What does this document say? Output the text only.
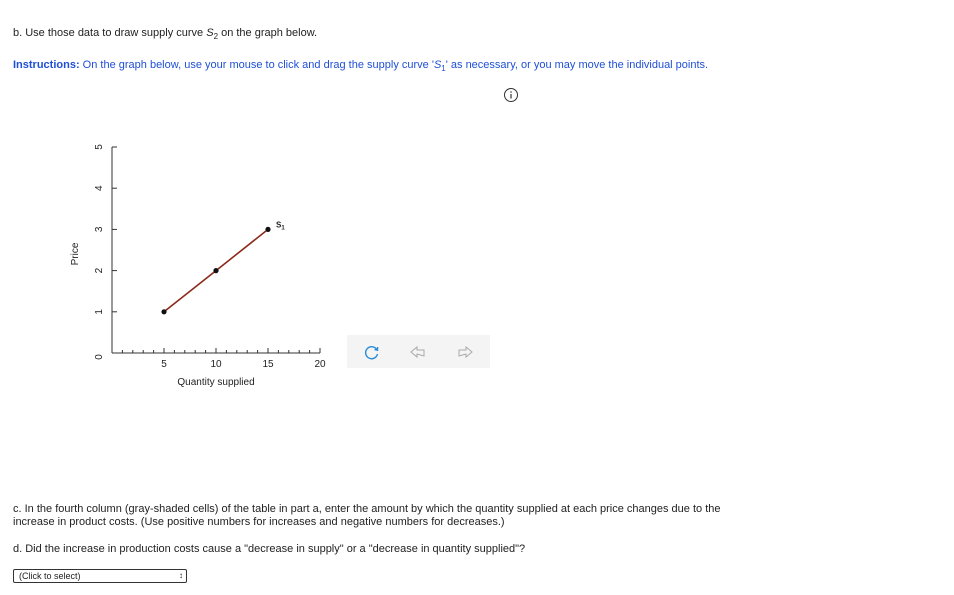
b. Use those data to draw supply curve $S_2$ on the graph below.
Instructions: On the graph below, use your mouse to click and drag the supply curve '$S_1$' as necessary, or you may move the individual points.
5	10	15	20
0
1
2
3
4
5
Quantity supplied
Price
$S_1$
c. In the fourth column (gray-shaded cells) of the table in part a, enter the amount by which the quantity supplied at each price changes due to the increase in product costs. (Use positive numbers for increases and negative numbers for decreases.)
d. Did the increase in production costs cause a "decrease in supply" or a "decrease in quantity supplied"?
(Click to select)	↕
